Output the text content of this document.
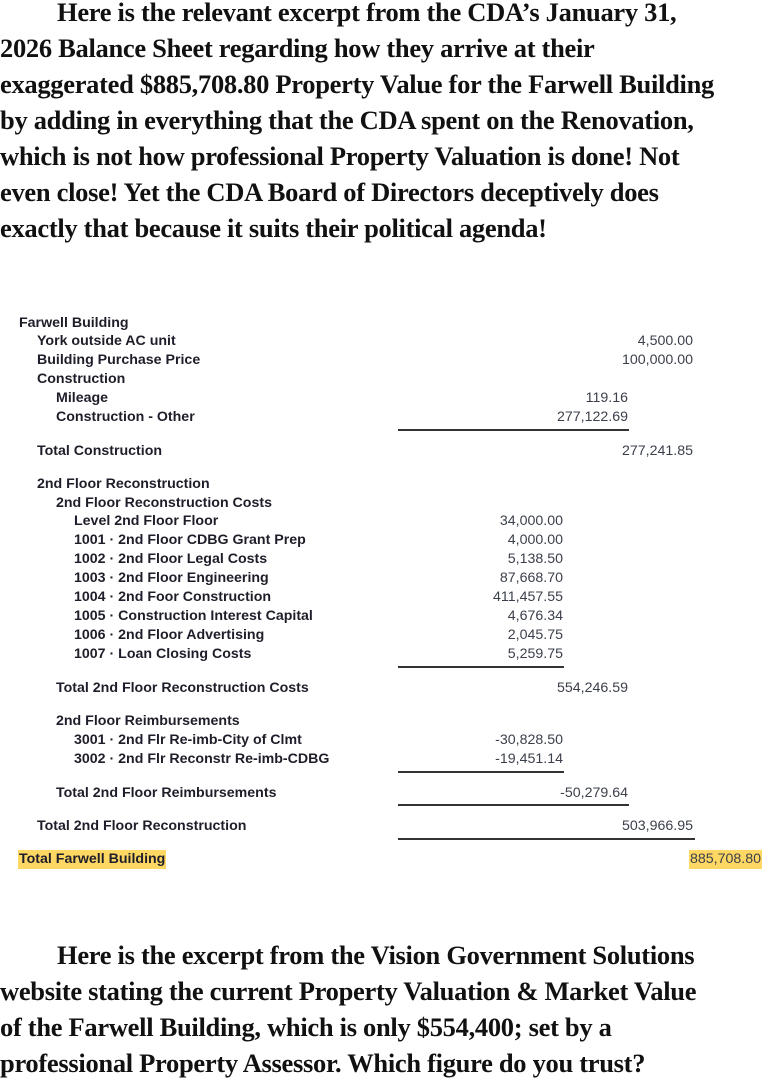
Here is the relevant excerpt from the CDA’s January 31,
2026 Balance Sheet regarding how they arrive at their
exaggerated $885,708.80 Property Value for the Farwell Building
by adding in everything that the CDA spent on the Renovation,
which is not how professional Property Valuation is done! Not
even close! Yet the CDA Board of Directors deceptively does
exactly that because it suits their political agenda!
Farwell Building
York outside AC unit
Building Purchase Price
Construction
Mileage
Construction - Other
Total Construction
2nd Floor Reconstruction
2nd Floor Reconstruction Costs
Level 2nd Floor Floor
1001 · 2nd Floor CDBG Grant Prep
1002 · 2nd Floor Legal Costs
1003 · 2nd Floor Engineering
1004 · 2nd Foor Construction
1005 · Construction Interest Capital
1006 · 2nd Floor Advertising
1007 · Loan Closing Costs
Total 2nd Floor Reconstruction Costs
2nd Floor Reimbursements
3001 · 2nd Flr Re-imb-City of Clmt
3002 · 2nd Flr Reconstr Re-imb-CDBG
Total 2nd Floor Reimbursements
Total 2nd Floor Reconstruction
Total Farwell Building
4,500.00
100,000.00
119.16
277,122.69
277,241.85
34,000.00
4,000.00
5,138.50
87,668.70
411,457.55
4,676.34
2,045.75
5,259.75
554,246.59
-30,828.50
-19,451.14
-50,279.64
503,966.95
885,708.80
Here is the excerpt from the Vision Government Solutions
website stating the current Property Valuation & Market Value
of the Farwell Building, which is only $554,400; set by a
professional Property Assessor. Which figure do you trust?
